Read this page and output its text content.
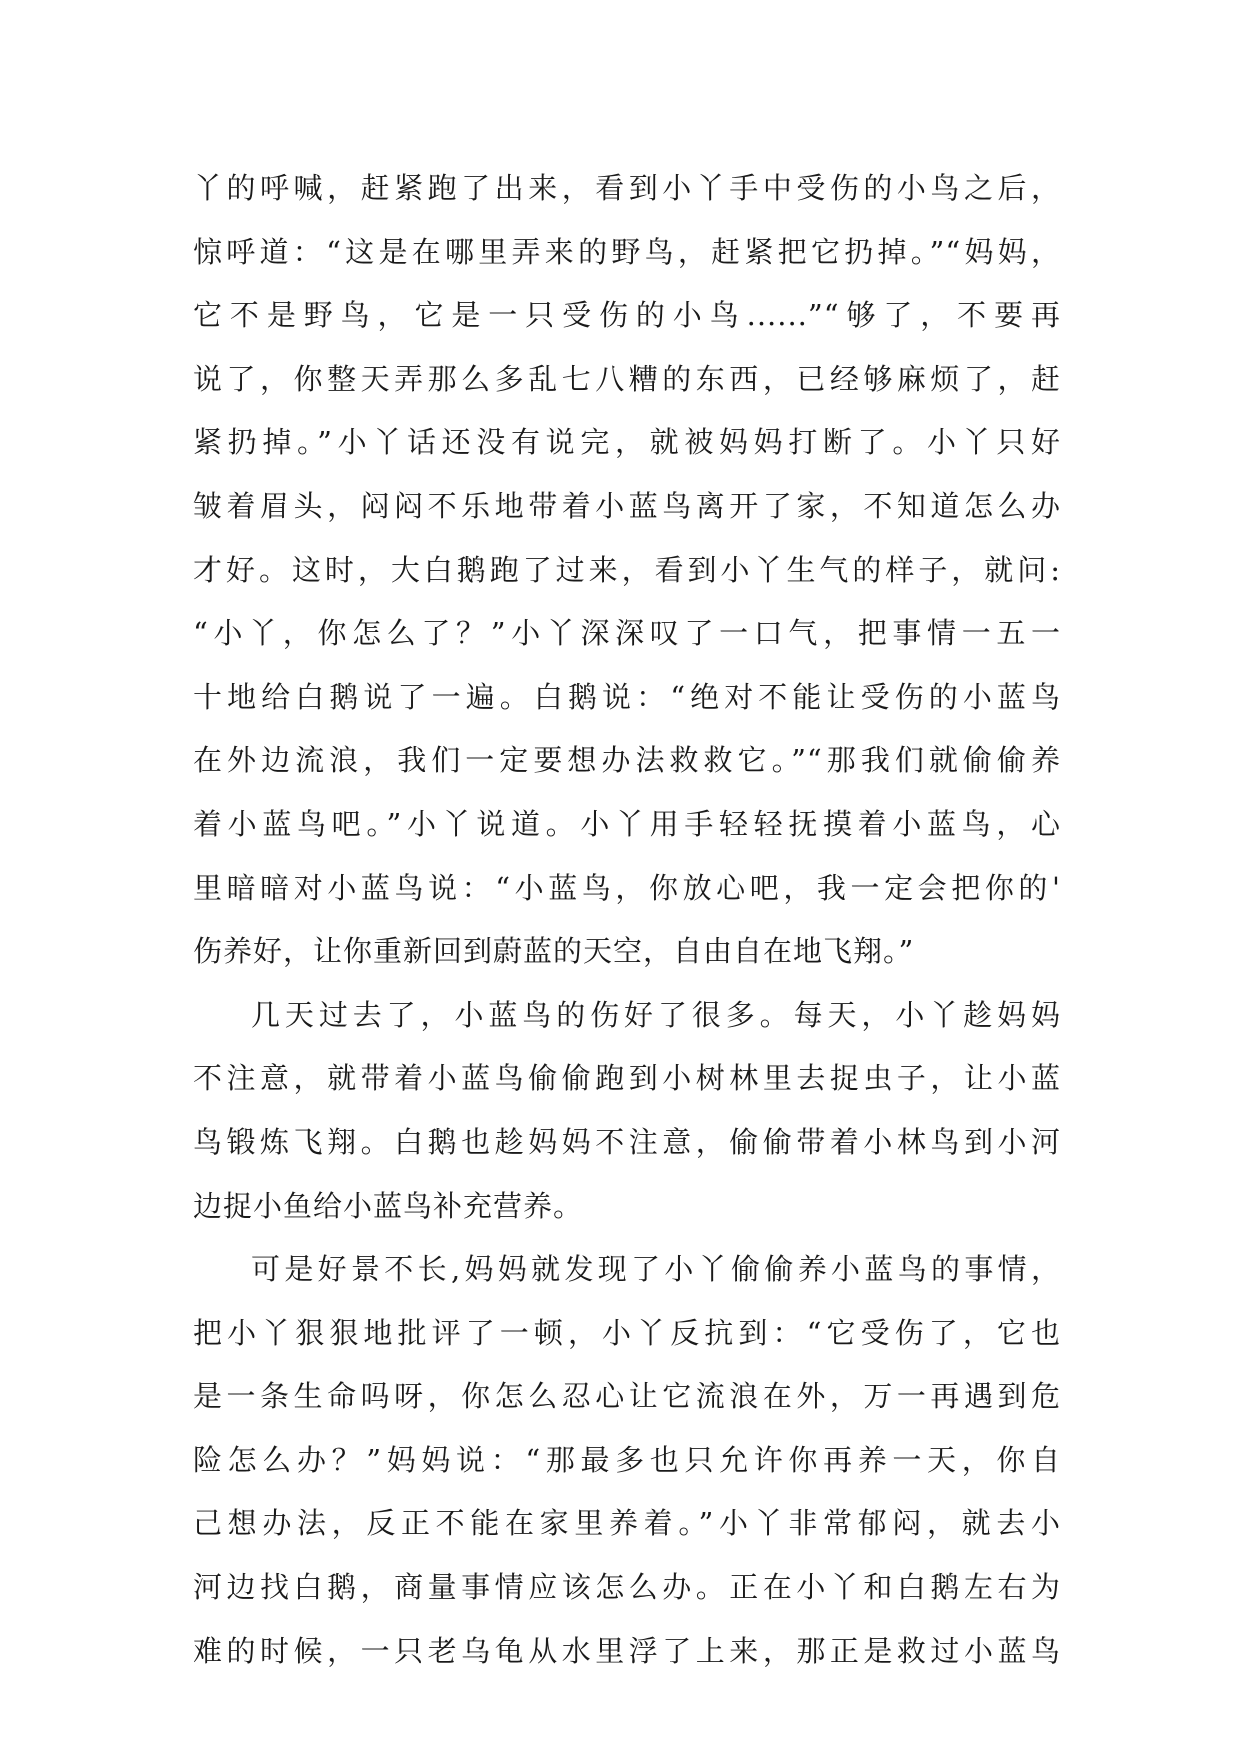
丫的呼喊，赶紧跑了出来，看到小丫手中受伤的小鸟之后，
惊呼道：“这是在哪里弄来的野鸟，赶紧把它扔掉。”“妈妈，
它不是野鸟，它是一只受伤的小鸟......”“够了，不要再
说了，你整天弄那么多乱七八糟的东西，已经够麻烦了，赶
紧扔掉。”小丫话还没有说完，就被妈妈打断了。小丫只好
皱着眉头，闷闷不乐地带着小蓝鸟离开了家，不知道怎么办
才好。这时，大白鹅跑了过来，看到小丫生气的样子，就问:
“小丫，你怎么了？”小丫深深叹了一口气，把事情一五一
十地给白鹅说了一遍。白鹅说：“绝对不能让受伤的小蓝鸟
在外边流浪，我们一定要想办法救救它。”“那我们就偷偷养
着小蓝鸟吧。”小丫说道。小丫用手轻轻抚摸着小蓝鸟，心
里暗暗对小蓝鸟说：“小蓝鸟，你放心吧，我一定会把你的'
伤养好，让你重新回到蔚蓝的天空，自由自在地飞翔。”
几天过去了，小蓝鸟的伤好了很多。每天，小丫趁妈妈
不注意，就带着小蓝鸟偷偷跑到小树林里去捉虫子，让小蓝
鸟锻炼飞翔。白鹅也趁妈妈不注意，偷偷带着小林鸟到小河
边捉小鱼给小蓝鸟补充营养。
可是好景不长,妈妈就发现了小丫偷偷养小蓝鸟的事情，
把小丫狠狠地批评了一顿，小丫反抗到：“它受伤了，它也
是一条生命吗呀，你怎么忍心让它流浪在外，万一再遇到危
险怎么办？”妈妈说：“那最多也只允许你再养一天，你自
己想办法，反正不能在家里养着。”小丫非常郁闷，就去小
河边找白鹅，商量事情应该怎么办。正在小丫和白鹅左右为
难的时候，一只老乌龟从水里浮了上来，那正是救过小蓝鸟
